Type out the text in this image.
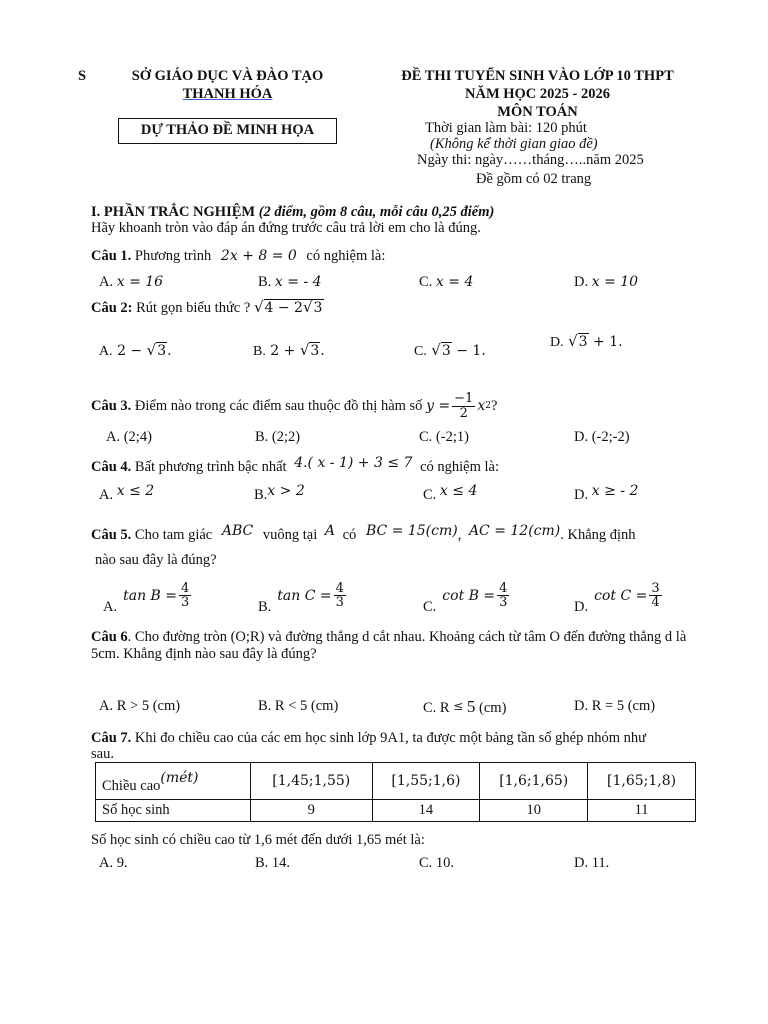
S	SỞ GIÁO DỤC VÀ ĐÀO TẠO
THANH HÓA
DỰ THẢO ĐỀ MINH HỌA
ĐỀ THI TUYỂN SINH VÀO LỚP 10 THPT
NĂM HỌC 2025 - 2026
MÔN TOÁN
Thời gian làm bài: 120 phút
(Không kể thời gian giao đề)
Ngày thi: ngày……tháng…..năm 2025
Đề gồm có 02 trang
I. PHẦN TRẮC NGHIỆM (2 điểm, gồm 8 câu, mỗi câu 0,25 điểm)
Hãy khoanh tròn vào đáp án đứng trước câu trả lời em cho là đúng.
Câu 1. Phương trình 2x + 8 = 0 có nghiệm là:
A. x = 16	B. x = - 4	C. x = 4	D. x = 10
Câu 2: Rút gọn biểu thức ? √4 − 2√3
A. 2 − √3.	B. 2 + √3.	C. √3 − 1.
D. √3 + 1.
Câu 3.
Điểm nào trong các điểm sau thuộc đồ thị hàm số
$y = \frac{-1}{2}$ x 2 ?
A. (2;4)	B. (2;2)	C. (-2;1)	D. (-2;-2)
Câu 4. Bất phương trình bậc nhất 4.( x - 1) + 3 ≤ 7 có nghiệm là:
A. x ≤ 2	B.x > 2	C. x ≤ 4	D. x ≥ - 2
Câu 5. Cho tam giác ABC vuông tại A có BC = 15(cm), AC = 12(cm). Khẳng định
nào sau đây là đúng?
A.
$\tan B = \frac{4}{3}$	B.
$\tan C = \frac{4}{3}$	C.
$\cot B = \frac{4}{3}$	D.
$\cot C = \frac{3}{4}$
Câu 6. Cho đường tròn (O;R) và đường thẳng d cắt nhau. Khoảng cách từ tâm O đến đường thẳng d là
5cm. Khẳng định nào sau đây là đúng?
A. R > 5 (cm)	B. R < 5 (cm)	C. R ≤ 5 (cm)	D. R = 5 (cm)
Câu 7. Khi đo chiều cao của các em học sinh lớp 9A1, ta được một bảng tần số ghép nhóm như
sau.
Chiều cao(mét)	[1,45;1,55)	[1,55;1,6)	[1,6;1,65)	[1,65;1,8)
Số học sinh	9	14	10	11
Số học sinh có chiều cao từ 1,6 mét đến dưới 1,65 mét là:
A. 9.	B. 14.	C. 10.	D. 11.
